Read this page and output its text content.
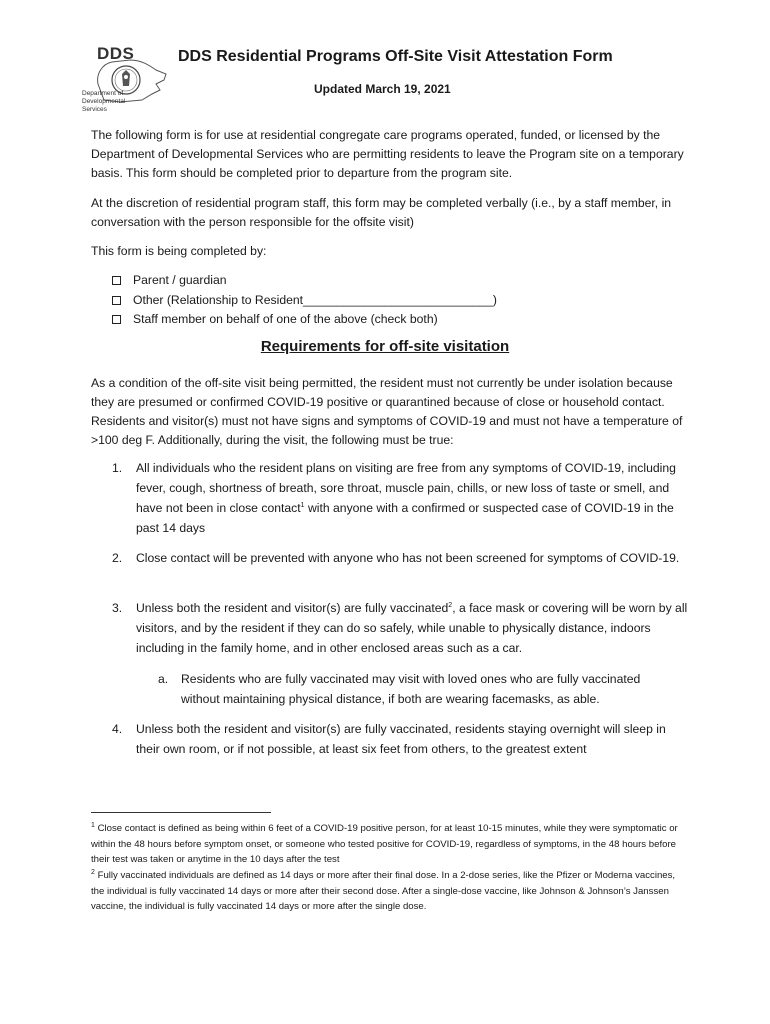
DDS
Department of Developmental Services
DDS Residential Programs Off-Site Visit Attestation Form
Updated March 19, 2021

The following form is for use at residential congregate care programs operated, funded, or licensed by the Department of Developmental Services who are permitting residents to leave the Program site on a temporary basis. This form should be completed prior to departure from the program site.

At the discretion of residential program staff, this form may be completed verbally (i.e., by a staff member, in conversation with the person responsible for the offsite visit)

This form is being completed by:

Parent / guardian
Other (Relationship to Resident____________________________)
Staff member on behalf of one of the above (check both)
Requirements for off-site visitation

As a condition of the off-site visit being permitted, the resident must not currently be under isolation because they are presumed or confirmed COVID-19 positive or quarantined because of close or household contact. Residents and visitor(s) must not have signs and symptoms of COVID-19 and must not have a temperature of >100 deg F. Additionally, during the visit, the following must be true:

1. All individuals who the resident plans on visiting are free from any symptoms of COVID-19, including fever, cough, shortness of breath, sore throat, muscle pain, chills, or new loss of taste or smell, and have not been in close contact$^1$ with anyone with a confirmed or suspected case of COVID-19 in the past 14 days
2. Close contact will be prevented with anyone who has not been screened for symptoms of COVID-19.
3. Unless both the resident and visitor(s) are fully vaccinated$^2$, a face mask or covering will be worn by all visitors, and by the resident if they can do so safely, while unable to physically distance, indoors including in the family home, and in other enclosed areas such as a car.
a. Residents who are fully vaccinated may visit with loved ones who are fully vaccinated without maintaining physical distance, if both are wearing facemasks, as able.
4. Unless both the resident and visitor(s) are fully vaccinated, residents staying overnight will sleep in their own room, or if not possible, at least six feet from others, to the greatest extent

$^1$ Close contact is defined as being within 6 feet of a COVID-19 positive person, for at least 10-15 minutes, while they were symptomatic or within the 48 hours before symptom onset, or someone who tested positive for COVID-19, regardless of symptoms, in the 48 hours before their test was taken or anytime in the 10 days after the test

$^2$ Fully vaccinated individuals are defined as 14 days or more after their final dose. In a 2-dose series, like the Pfizer or Moderna vaccines, the individual is fully vaccinated 14 days or more after their second dose. After a single-dose vaccine, like Johnson & Johnson’s Janssen vaccine, the individual is fully vaccinated 14 days or more after the single dose.
